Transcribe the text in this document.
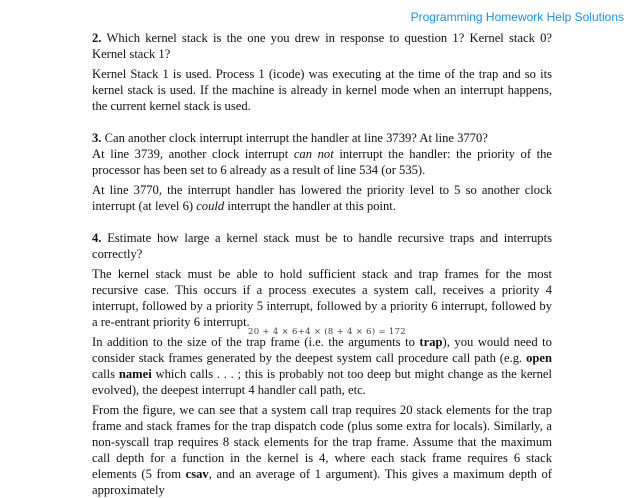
Programming Homework Help Solutions

2. Which kernel stack is the one you drew in response to question 1? Kernel stack 0? Kernel stack 1?

Kernel Stack 1 is used. Process 1 (icode) was executing at the time of the trap and so its kernel stack is used. If the machine is already in kernel mode when an interrupt happens, the current kernel stack is used.

3. Can another clock interrupt interrupt the handler at line 3739? At line 3770?

At line 3739, another clock interrupt can not interrupt the handler: the priority of the processor has been set to 6 already as a result of line 534 (or 535).

At line 3770, the interrupt handler has lowered the priority level to 5 so another clock interrupt (at level 6) could interrupt the handler at this point.

4. Estimate how large a kernel stack must be to handle recursive traps and interrupts correctly?

The kernel stack must be able to hold sufficient stack and trap frames for the most recursive case. This occurs if a process executes a system call, receives a priority 4 interrupt, followed by a priority 5 interrupt, followed by a priority 6 interrupt, followed by a re-entrant priority 6 interrupt.

In addition to the size of the trap frame (i.e. the arguments to trap), you would need to consider stack frames generated by the deepest system call procedure call path (e.g. open calls namei which calls . . . ; this is probably not too deep but might change as the kernel evolved), the deepest interrupt 4 handler call path, etc.

From the figure, we can see that a system call trap requires 20 stack elements for the trap frame and stack frames for the trap dispatch code (plus some extra for locals). Similarly, a non-syscall trap requires 8 stack elements for the trap frame. Assume that the maximum call depth for a function in the kernel is 4, where each stack frame requires 6 stack elements (5 from csav, and an average of 1 argument). This gives a maximum depth of approximately

20 + 4 × 6+4 × (8 + 4 × 6) = 172
